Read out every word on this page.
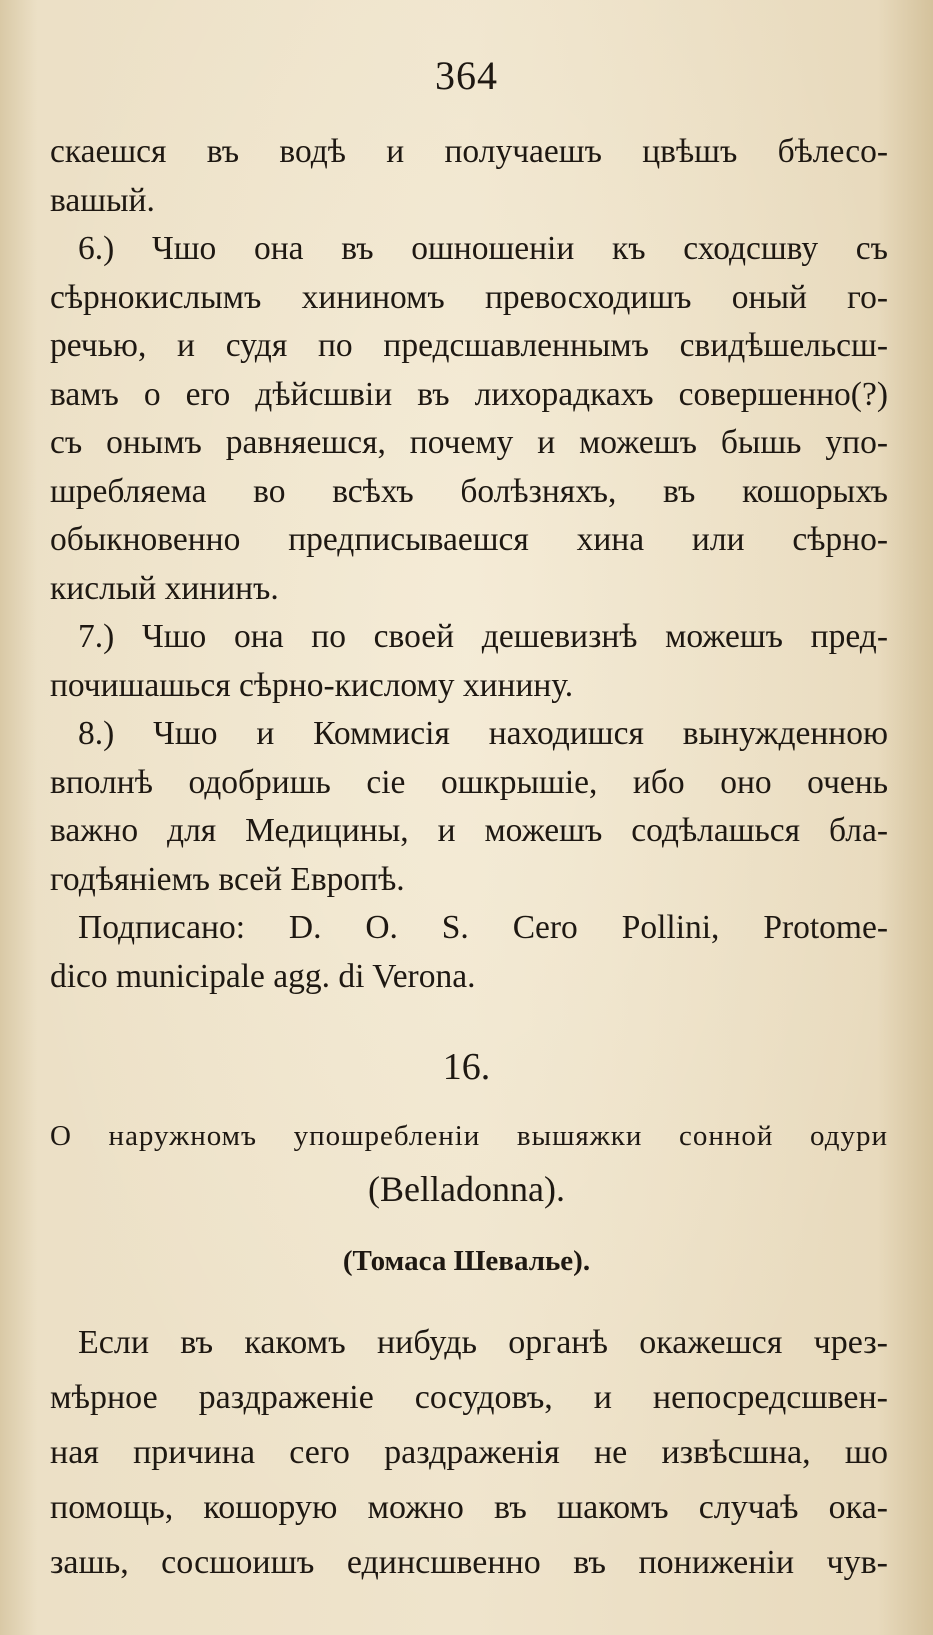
364
скаешся въ водѣ и получаешъ цвѣшъ бѣлесо-
вашый.
6.) Чшо она въ ошношеніи къ сходсшву съ
сѣрнокислымъ хининомъ превосходишъ оный го-
речью, и судя по предсшавленнымъ свидѣшельсш-
вамъ о его дѣйсшвіи въ лихорадкахъ совершенно(?)
съ онымъ равняешся, почему и можешъ бышь упо-
шребляема во всѣхъ болѣзняхъ, въ кошорыхъ
обыкновенно предписываешся хина или сѣрно-
кислый хининъ.
7.) Чшо она по своей дешевизнѣ можешъ пред-
почишашься сѣрно-кислому хинину.
8.) Чшо и Коммисія находишся вынужденною
вполнѣ одобришь сіе ошкрышіе, ибо оно очень
важно для Медицины, и можешъ содѣлашься бла-
годѣяніемъ всей Европѣ.
Подписано: D. O. S. Cero Pollini, Protome-
dico municipale agg. di Verona.
16.
О наружномъ упошребленіи вышяжки сонной одури
(Belladonna).
(Томаса Шевалье).
Если въ какомъ нибудь органѣ окажешся чрез-
мѣрное раздраженіе сосудовъ, и непосредсшвен-
ная причина сего раздраженія не извѣсшна, шо
помощь, кошорую можно въ шакомъ случаѣ ока-
зашь, сосшоишъ единсшвенно въ пониженіи чув-
